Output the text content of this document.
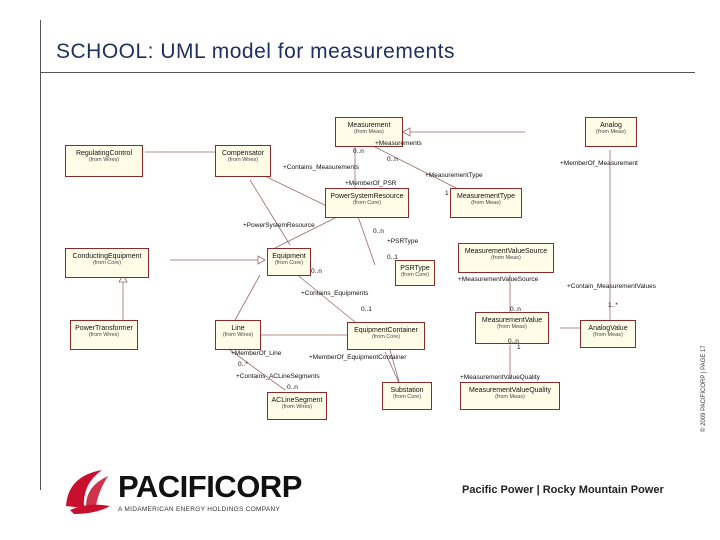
SCHOOL: UML model for measurements
© 2009 PACIFICORP | PAGE 17
Measurement
(from Meas)
Analog
(from Meas)
RegulatingControl
(from Wires)
Compensator
(from Wires)
PowerSystemResource
(from Core)
MeasurementType
(from Meas)
ConductingEquipment
(from Core)
Equipment
(from Core)
MeasurementValueSource
(from Meas)
PSRType
(from Core)
PowerTransformer
(from Wires)
Line
(from Wires)
EquipmentContainer
(from Core)
MeasurementValue
(from Meas)	AnalogValue
(from Meas)
Substation
(from Core)
MeasurementValueQuality
(from Meas)
ACLineSegment
(from Wires)
+Measurements
0..n
0..n
+Contains_Measurements
+MeasurementType
+MemberOf_Measurement
+MemberOf_PSR
1
+PowerSystemResource
0..n
+PSRType
0..1
0..n
+MeasurementValueSource
+Contain_MeasurementValues
1..*
+Contains_Equipments
0..n
0..1
0..n
+MemberOf_Line
+MemberOf_EquipmentContainer
0..*
+Contains_ACLineSegments
0..n
1
+MeasurementValueQuality
PACIFICORP
A MIDAMERICAN ENERGY HOLDINGS COMPANY
Pacific Power | Rocky Mountain Power
